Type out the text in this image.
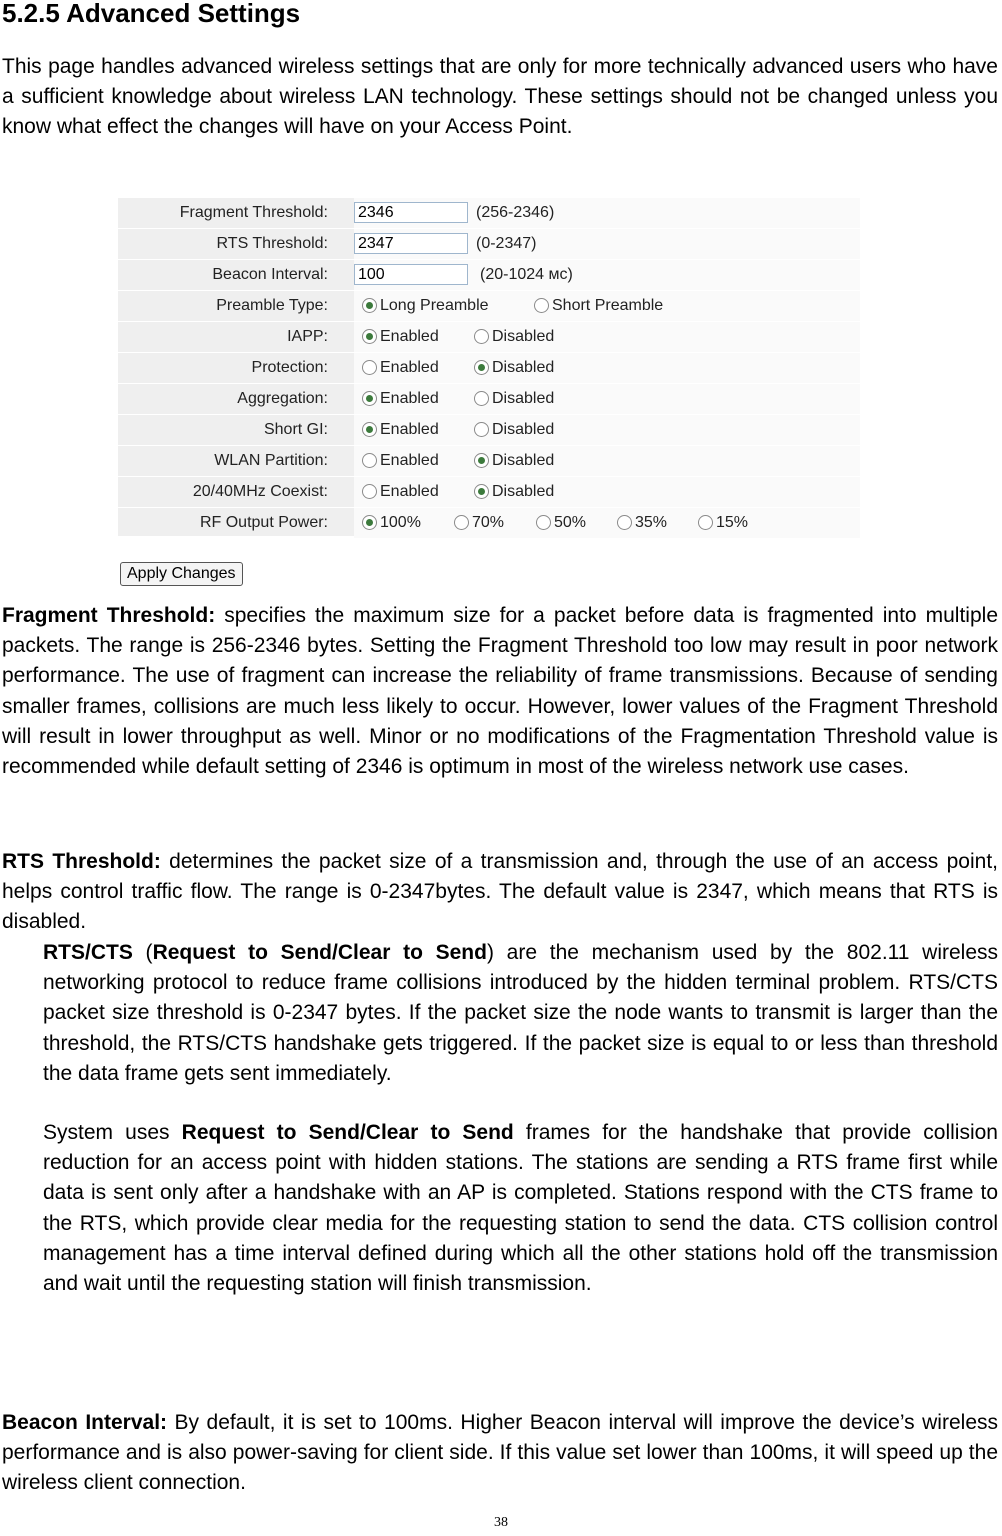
5.2.5 Advanced Settings

This page handles advanced wireless settings that are only for more technically advanced users who have a sufficient knowledge about wireless LAN technology. These settings should not be changed unless you know what effect the changes will have on your Access Point.

Fragment Threshold:
2346	(256-2346)
RTS Threshold:
2347	(0-2347)
Beacon Interval:
100	(20-1024 мс)
Preamble Type:	Long Preamble	Short Preamble
IAPP:	Enabled	Disabled
Protection:	Enabled	Disabled
Aggregation:	Enabled	Disabled
Short GI:	Enabled	Disabled
WLAN Partition:	Enabled	Disabled
20/40MHz Coexist:	Enabled	Disabled
RF Output Power:	100%	70%	50%	35%	15%
Apply Changes

Fragment Threshold: specifies the maximum size for a packet before data is fragmented into multiple packets. The range is 256-2346 bytes. Setting the Fragment Threshold too low may result in poor network performance. The use of fragment can increase the reliability of frame transmissions. Because of sending smaller frames, collisions are much less likely to occur. However, lower values of the Fragment Threshold will result in lower throughput as well. Minor or no modifications of the Fragmentation Threshold value is recommended while default setting of 2346 is optimum in most of the wireless network use cases.

RTS Threshold: determines the packet size of a transmission and, through the use of an access point, helps control traffic flow. The range is 0-2347bytes. The default value is 2347, which means that RTS is disabled.

RTS/CTS (Request to Send/Clear to Send) are the mechanism used by the 802.11 wireless networking protocol to reduce frame collisions introduced by the hidden terminal problem. RTS/CTS packet size threshold is 0-2347 bytes. If the packet size the node wants to transmit is larger than the threshold, the RTS/CTS handshake gets triggered. If the packet size is equal to or less than threshold the data frame gets sent immediately.

System uses Request to Send/Clear to Send frames for the handshake that provide collision reduction for an access point with hidden stations. The stations are sending a RTS frame first while data is sent only after a handshake with an AP is completed. Stations respond with the CTS frame to the RTS, which provide clear media for the requesting station to send the data. CTS collision control management has a time interval defined during which all the other stations hold off the transmission and wait until the requesting station will finish transmission.

Beacon Interval: By default, it is set to 100ms. Higher Beacon interval will improve the device’s wireless performance and is also power-saving for client side. If this value set lower than 100ms, it will speed up the wireless client connection.

38
